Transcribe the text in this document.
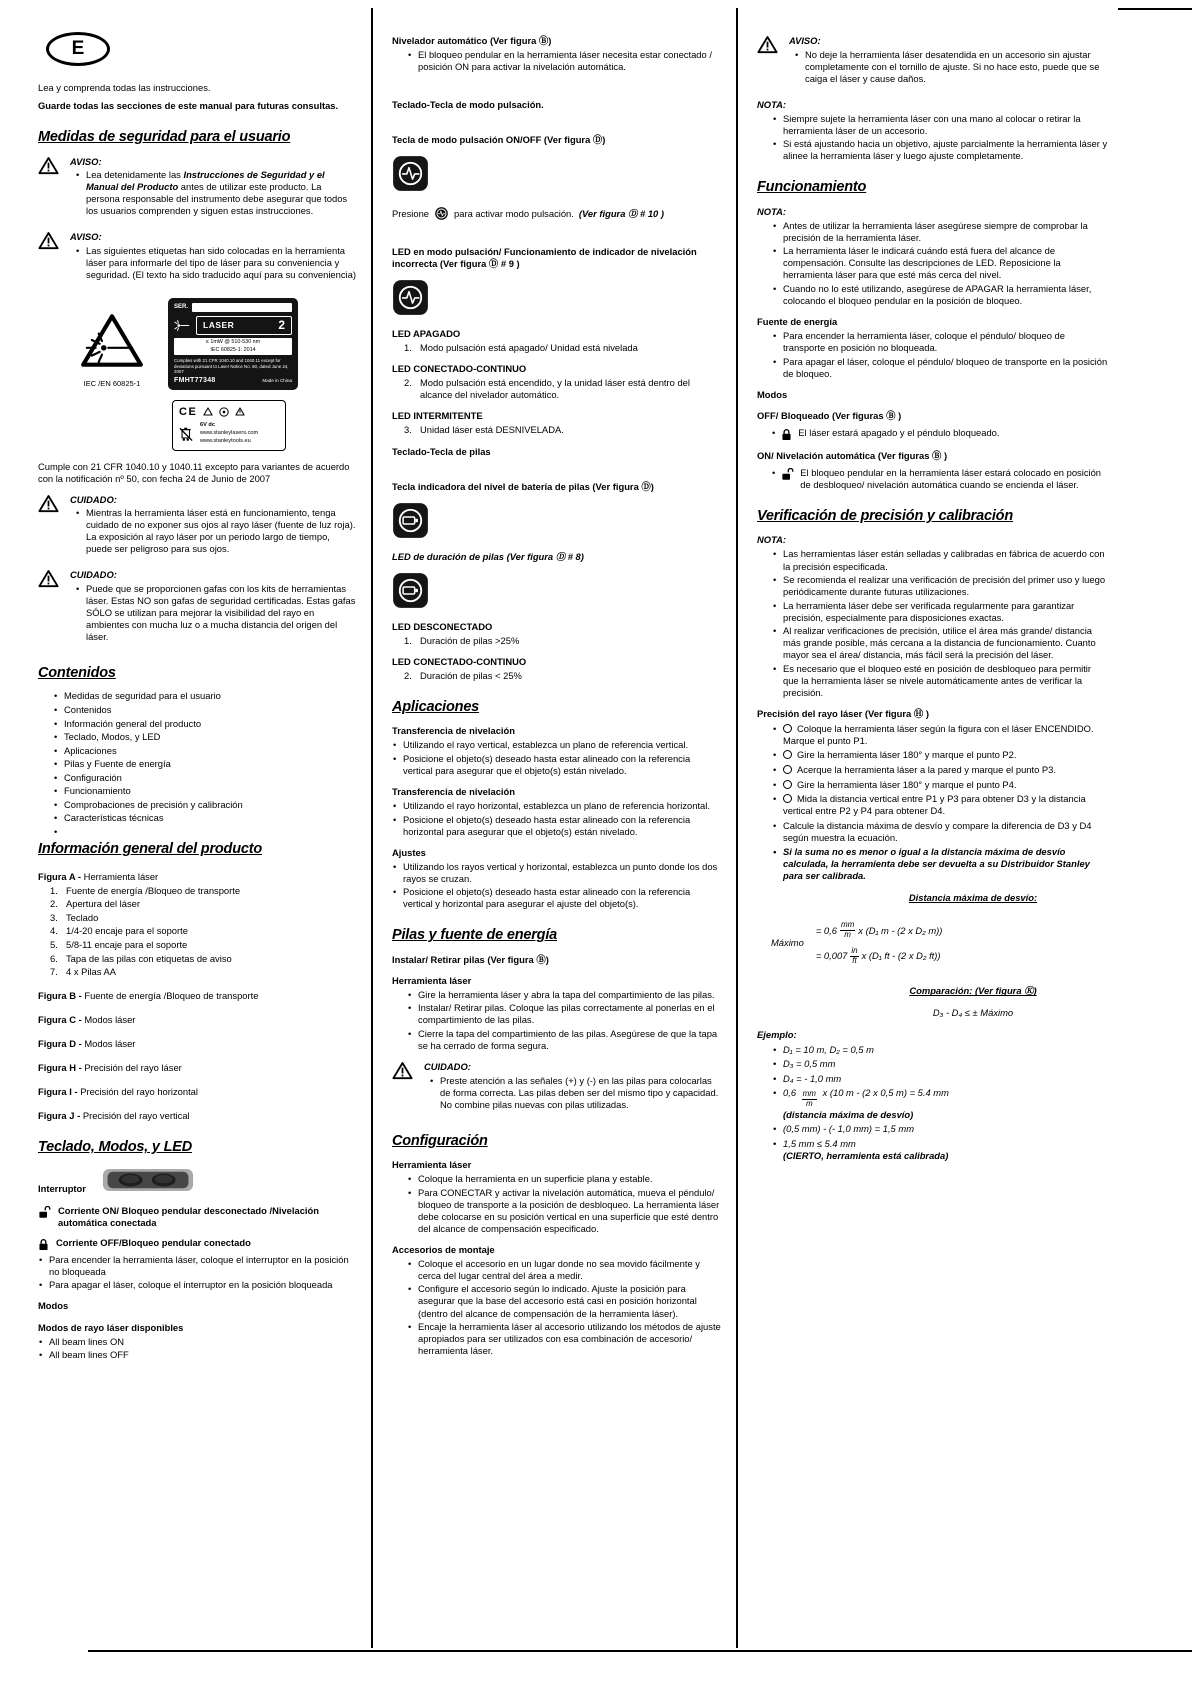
E
Lea y comprenda todas las instrucciones.
Guarde todas las secciones de este manual para futuras consultas.
Medidas de seguridad para el usuario
AVISO:
• Lea detenidamente las Instrucciones de Seguridad y el Manual del Producto antes de utilizar este producto. La persona responsable del instrumento debe asegurar que todos los usuarios comprenden y siguen estas instrucciones.
AVISO:
• Las siguientes etiquetas han sido colocadas en la herramienta láser para informarle del tipo de láser para su conveniencia y seguridad. (El texto ha sido traducido aquí para su conveniencia)
IEC /EN 60825-1
SER.
LASER	2
≤ 1mW @ 510-530 nm
IEC 60825-1: 2014
Complies with 21 CFR 1040.10 and 1040.11 except for deviations pursuant to Laser Notice No. 50, dated June 24, 2007
FMHT77348	Made in China
CE
6V dc
www.stanleylasers.com
www.stanleytools.eu
Cumple con 21 CFR 1040.10 y 1040.11 excepto para variantes de acuerdo con la notificación nº 50, con fecha 24 de Junio de 2007
CUIDADO:
• Mientras la herramienta láser está en funcionamiento, tenga cuidado de no exponer sus ojos al rayo láser (fuente de luz roja). La exposición al rayo láser por un periodo largo de tiempo, puede ser peligroso para sus ojos.
CUIDADO:
• Puede que se proporcionen gafas con los kits de herramientas láser. Estas NO son gafas de seguridad certificadas. Estas gafas SÓLO se utilizan para mejorar la visibilidad del rayo en ambientes con mucha luz o a mucha distancia del origen del láser.
Contenidos
• Medidas de seguridad para el usuario
• Contenidos
• Información general del producto
• Teclado, Modos, y LED
• Aplicaciones
• Pilas y Fuente de energía
• Configuración
• Funcionamiento
• Comprobaciones de precisión y calibración
• Características técnicas
Información general del producto
Figura A - Herramienta láser
1. Fuente de energía /Bloqueo de transporte
2. Apertura del láser
3. Teclado
4. 1/4-20 encaje para el soporte
5. 5/8-11 encaje para el soporte
6. Tapa de las pilas con etiquetas de aviso
7. 4 x Pilas AA
Figura B - Fuente de energía /Bloqueo de transporte
Figura C - Modos láser
Figura D - Modos láser
Figura H - Precisión del rayo láser
Figura I - Precisión del rayo horizontal
Figura J - Precisión del rayo vertical
Teclado, Modos, y LED
Interruptor
Corriente ON/ Bloqueo pendular desconectado /Nivelación automática conectada
Corriente OFF/Bloqueo pendular conectado
• Para encender la herramienta láser, coloque el interruptor en la posición no bloqueada
• Para apagar el láser, coloque el interruptor en la posición bloqueada
Modos
Modos de rayo láser disponibles
• All beam lines ON
• All beam lines OFF
Nivelador automático (Ver figura Ⓑ)
• El bloqueo pendular en la herramienta láser necesita estar conectado / posición ON para activar la nivelación automática.
Teclado-Tecla de modo pulsación.
Tecla de modo pulsación ON/OFF (Ver figura Ⓓ)
Presione	para activar modo pulsación. (Ver figura Ⓓ # 10 )
LED en modo pulsación/ Funcionamiento de indicador de nivelación incorrecta (Ver figura Ⓓ # 9 )
LED APAGADO
1. Modo pulsación está apagado/ Unidad está nivelada
LED CONECTADO-CONTINUO
2. Modo pulsación está encendido, y la unidad láser está dentro del alcance del nivelador automático.
LED INTERMITENTE
3. Unidad láser está DESNIVELADA.
Teclado-Tecla de pilas
Tecla indicadora del nivel de batería de pilas (Ver figura Ⓓ)
LED de duración de pilas (Ver figura Ⓓ # 8)
LED DESCONECTADO
1. Duración de pilas >25%
LED CONECTADO-CONTINUO
2. Duración de pilas < 25%
Aplicaciones
Transferencia de nivelación
• Utilizando el rayo vertical, establezca un plano de referencia vertical.
• Posicione el objeto(s) deseado hasta estar alineado con la referencia vertical para asegurar que el objeto(s) están nivelado.
Transferencia de nivelación
• Utilizando el rayo horizontal, establezca un plano de referencia horizontal.
• Posicione el objeto(s) deseado hasta estar alineado con la referencia horizontal para asegurar que el objeto(s) están nivelado.
Ajustes
• Utilizando los rayos vertical y horizontal, establezca un punto donde los dos rayos se cruzan.
• Posicione el objeto(s) deseado hasta estar alineado con la referencia vertical y horizontal para asegurar el ajuste del objeto(s).
Pilas y fuente de energía
Instalar/ Retirar pilas (Ver figura Ⓑ)
Herramienta láser
• Gire la herramienta láser y abra la tapa del compartimiento de las pilas.
• Instalar/ Retirar pilas. Coloque las pilas correctamente al ponerlas en el compartimiento de las pilas.
• Cierre la tapa del compartimiento de las pilas. Asegúrese de que la tapa se ha cerrado de forma segura.
CUIDADO:
• Preste atención a las señales (+) y (-) en las pilas para colocarlas de forma correcta. Las pilas deben ser del mismo tipo y capacidad. No combine pilas nuevas con pilas utilizadas.
Configuración
Herramienta láser
• Coloque la herramienta en un superficie plana y estable.
• Para CONECTAR y activar la nivelación automática, mueva el péndulo/ bloqueo de transporte a la posición de desbloqueo. La herramienta láser debe colocarse en su posición vertical en una superficie que esté dentro del alcance de compensación especificado.
Accesorios de montaje
• Coloque el accesorio en un lugar donde no sea movido fácilmente y cerca del lugar central del área a medir.
• Configure el accesorio según lo indicado. Ajuste la posición para asegurar que la base del accesorio está casi en posición horizontal (dentro del alcance de compensación de la herramienta láser).
• Encaje la herramienta láser al accesorio utilizando los métodos de ajuste apropiados para ser utilizados con esa combinación de accesorio/ herramienta láser.
AVISO:
• No deje la herramienta láser desatendida en un accesorio sin ajustar completamente con el tornillo de ajuste. Si no hace esto, puede que se caiga el láser y cause daños.
NOTA:
• Siempre sujete la herramienta láser con una mano al colocar o retirar la herramienta láser de un accesorio.
• Si está ajustando hacia un objetivo, ajuste parcialmente la herramienta láser y alinee la herramienta láser y luego ajuste completamente.
Funcionamiento
NOTA:
• Antes de utilizar la herramienta láser asegúrese siempre de comprobar la precisión de la herramienta láser.
• La herramienta láser le indicará cuándo está fuera del alcance de compensación. Consulte las descripciones de LED. Reposicione la herramienta láser para que esté más cerca del nivel.
• Cuando no lo esté utilizando, asegúrese de APAGAR la herramienta láser, colocando el bloqueo pendular en la posición de bloqueo.
Fuente de energía
• Para encender la herramienta láser, coloque el péndulo/ bloqueo de transporte en posición no bloqueada.
• Para apagar el láser, coloque el péndulo/ bloqueo de transporte en la posición de bloqueo.
Modos
OFF/ Bloqueado (Ver figuras Ⓑ )
• El láser estará apagado y el péndulo bloqueado.
ON/ Nivelación automática (Ver figuras Ⓑ )
•	El bloqueo pendular en la herramienta láser estará colocado en posición de desbloqueo/ nivelación automática cuando se encienda el láser.
Verificación de precisión y calibración
NOTA:
• Las herramientas láser están selladas y calibradas en fábrica de acuerdo con la precisión especificada.
• Se recomienda el realizar una verificación de precisión del primer uso y luego periódicamente durante futuras utilizaciones.
• La herramienta láser debe ser verificada regularmente para garantizar precisión, especialmente para disposiciones exactas.
• Al realizar verificaciones de precisión, utilice el área más grande/ distancia más grande posible, más cercana a la distancia de funcionamiento. Cuanto mayor sea el área/ distancia, más fácil será la precisión del láser.
• Es necesario que el bloqueo esté en posición de desbloqueo para permitir que la herramienta láser se nivele automáticamente antes de verificar la precisión.
Precisión del rayo láser (Ver figura Ⓗ )
• Coloque la herramienta láser según la figura con el láser ENCENDIDO. Marque el punto P1.
• Gire la herramienta láser 180° y marque el punto P2.
• Acerque la herramienta láser a la pared y marque el punto P3.
• Gire la herramienta láser 180° y marque el punto P4.
• Mida la distancia vertical entre P1 y P3 para obtener D3 y la distancia vertical entre P2 y P4 para obtener D4.
• Calcule la distancia máxima de desvío y compare la diferencia de D3 y D4 según muestra la ecuación.
• Si la suma no es menor o igual a la distancia máxima de desvío calculada, la herramienta debe ser devuelta a su Distribuidor Stanley para ser calibrada.
Distancia máxima de desvío:
Máximo
= $0,6 \frac{mm}{m}$ x (D₁ m - (2 x D₂ m))
= $0,007 \frac{in}{ft}$ x (D₁ ft - (2 x D₂ ft))
Comparación: (Ver figura Ⓚ)
D₃ - D₄ ≤ ± Máximo
Ejemplo:
• D₁ = 10 m, D₂ = 0,5 m
• D₃ = 0,5 mm
• D₄ = - 1,0 mm
• $0,6 \frac{mm}{m}$ x (10 m - (2 x 0,5 m) = 5.4 mm
(distancia máxima de desvío)
• (0,5 mm) - (- 1,0 mm) = 1,5 mm
• 1,5 mm ≤ 5.4 mm
(CIERTO, herramienta está calibrada)
